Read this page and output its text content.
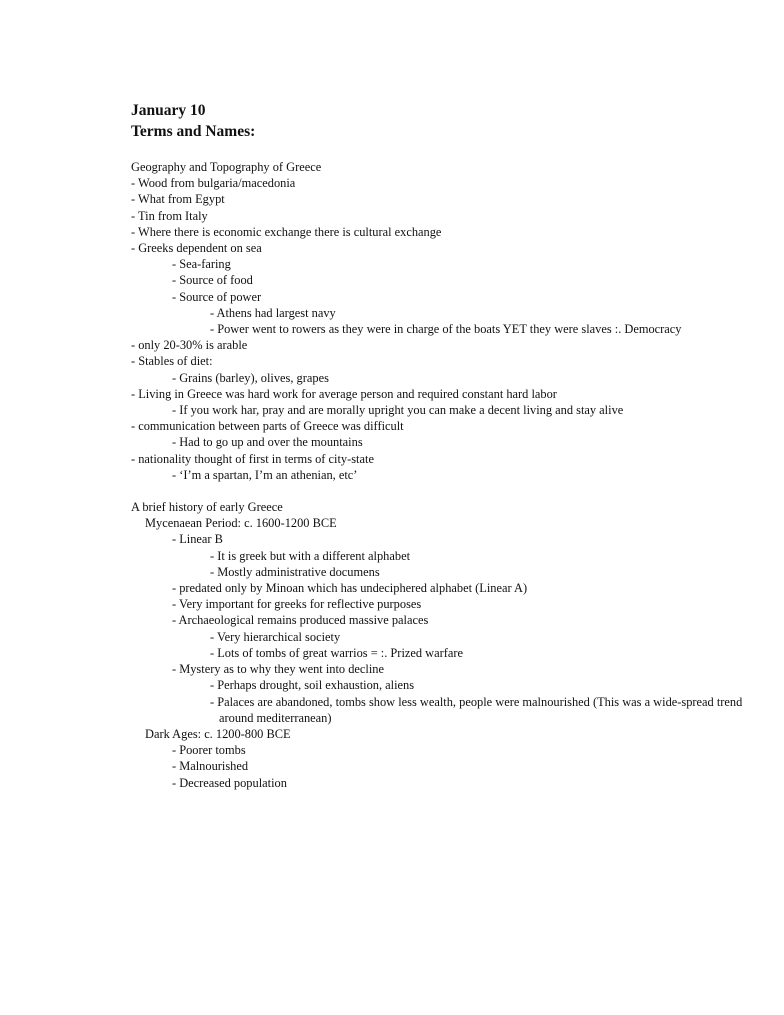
January 10
Terms and Names:
Geography and Topography of Greece
- Wood from bulgaria/macedonia
- What from Egypt
- Tin from Italy
- Where there is economic exchange there is cultural exchange
- Greeks dependent on sea
- Sea-faring
- Source of food
- Source of power
- Athens had largest navy
- Power went to rowers as they were in charge of the boats YET they were slaves :. Democracy
- only 20-30% is arable
- Stables of diet:
- Grains (barley), olives, grapes
- Living in Greece was hard work for average person and required constant hard labor
- If you work har, pray and are morally upright you can make a decent living and stay alive
- communication between parts of Greece was difficult
- Had to go up and over the mountains
- nationality thought of first in terms of city-state
- ‘I’m a spartan, I’m an athenian, etc’
A brief history of early Greece
Mycenaean Period: c. 1600-1200 BCE
- Linear B
- It is greek but with a different alphabet
- Mostly administrative documens
- predated only by Minoan which has undeciphered alphabet (Linear A)
- Very important for greeks for reflective purposes
- Archaeological remains produced massive palaces
- Very hierarchical society
- Lots of tombs of great warrios = :. Prized warfare
- Mystery as to why they went into decline
- Perhaps drought, soil exhaustion, aliens
- Palaces are abandoned, tombs show less wealth, people were malnourished (This was a wide-spread trend around mediterranean)
Dark Ages: c. 1200-800 BCE
- Poorer tombs
- Malnourished
- Decreased population
